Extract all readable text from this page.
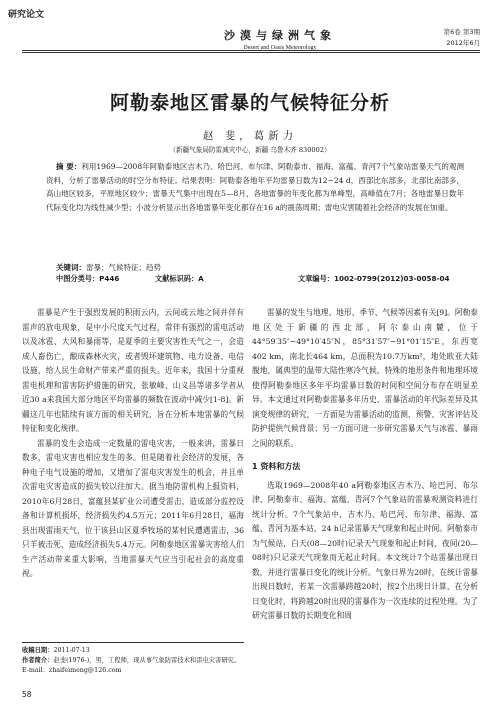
研究论文
沙漠与绿洲气象
Desert and Oasis Meteorology
第6卷 第3期
2012年6月
阿勒泰地区雷暴的气候特征分析
赵 斐，葛新力
（新疆气象局防雷减灾中心，新疆 乌鲁木齐 830002）
摘 要：利用1969—2008年阿勒泰地区吉木乃、哈巴河、布尔津、阿勒泰市、福海、富蕴、青河7个气象站雷暴天气的观测资料，分析了雷暴活动的时空分布特征。结果表明：阿勒泰各地年平均雷暴日数为12~24 d，西部比东部多，北部比南部多，高山地区较多，平原地区较少；雷暴天气集中出现在5—8月，各地雷暴的年变化都为单峰型，高峰值在7月；各地雷暴日数年代际变化均为线性减少型；小波分析显示出各地雷暴年变化都存在16 a的震荡周期；雷电灾害随着社会经济的发展在加重。
关键词：雷暴；气候特征；趋势
中图分类号：P446	文献标识码：A	文章编号：1002-0799(2012)03-0058-04

雷暴是产生于强烈发展的积雨云内，云间或云地之间并伴有雷声的放电现象，是中小尺度天气过程，常伴有强烈的雷电活动以及冰雹、大风和暴雨等，是夏季的主要灾害性天气之一，会造成人畜伤亡，酿成森林火灾，或者毁坏建筑物、电力设备、电信设施，给人民生命财产带来严重的损失。近年来，我国十分重视雷电机理和雷害防护措施的研究，张敏峰、山义昌等诸多学者从近30 a来我国大部分地区平均雷暴的频数在波动中减少[1-8]。新疆这几年也陆续有该方面的相关研究，旨在分析本地雷暴的气候特征和变化规律。

雷暴的发生会造成一定数量的雷电灾害，一般来讲，雷暴日数多，雷电灾害也相应发生的多。但是随着社会经济的发展，各种电子电气设施的增加，又增加了雷电灾害发生的机会，并且单次雷电灾害造成的损失较以往加大。据当地防雷机构上报资料，2010年6月28日，富蕴县某矿业公司遭受雷击，造成部分监控设备和计算机损坏，经济损失约4.5万元；2011年6月28日，福海县出现雷雨天气，位于该县山区夏季牧场的某村民遭遇雷击，36只羊被击死，造成经济损失5.4万元。阿勒泰地区雷暴灾害给人们生产活动带来重大影响，当地雷暴天气应当引起社会的高度重视。

雷暴的发生与地理、地形、季节、气候等因素有关[9]。阿勒泰地区处于新疆的西北部，阿尔泰山南麓，位于44°59′35″~49°10′45″N，85°31′57″~91°01′15″E，东西宽402 km，南北长464 km，总面积为10.7万km²，地处欧亚大陆腹地，属典型的温带大陆性寒冷气候，特殊的地形条件和地理环境使得阿勒泰地区多年平均雷暴日数的时间和空间分布存在明显差异。本文通过对阿勒泰雷暴多年历史、雷暴活动的年代际差异及其演变规律的研究，一方面是为雷暴活动的监测、预警、灾害评估及防护提供气候背景；另一方面可进一步研究雷暴天气与冰雹、暴雨之间的联系。

1 资料和方法

选取1969—2008年40 a阿勒泰地区吉木乃、哈巴河、布尔津、阿勒泰市、福海、富蕴、青河7个气象站的雷暴观测资料进行统计分析。7个气象站中，吉木乃、哈巴河、布尔津、福海、富蕴、青河为基本站，24 h记录雷暴天气现象和起止时间。阿勒泰市为气候站，白天(08—20时)记录天气现象和起止时间，夜间(20—08时)只记录天气现象而无起止时间。本文统计7个站雷暴出现日数，并进行雷暴日变化的统计分析。气象日界为20时，在统计雷暴出现日数时，若某一次雷暴跨越20时，按2个出现日计算，在分析日变化时，将跨越20时出现的雷暴作为一次连续的过程处理。为了研究雷暴日数的长期变化和周

收稿日期：2011-07-13
作者简介：赵斐(1976-)，男，工程师，现从事气象防雷技术和雷电灾害研究。E-mail：zhaifeimeng@126.com
58
